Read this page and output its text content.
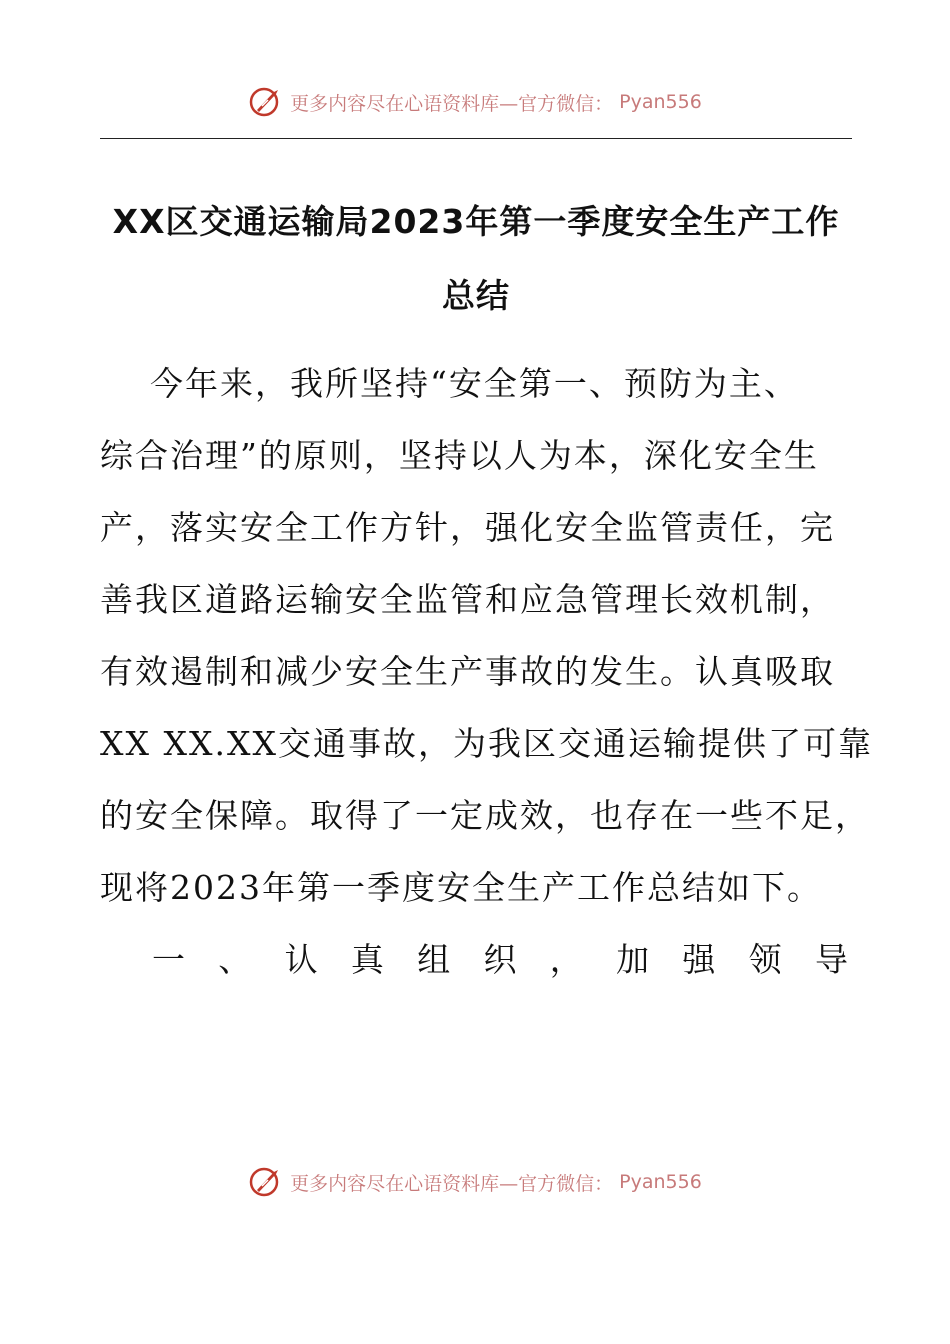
更多内容尽在心语资料库—官方微信： Pyan556
XX区交通运输局2023年第一季度安全生产工作
总结
今年来，我所坚持“安全第一、预防为主、
综合治理”的原则，坚持以人为本，深化安全生
产，落实安全工作方针，强化安全监管责任，完
善我区道路运输安全监管和应急管理长效机制，
有效遏制和减少安全生产事故的发生。认真吸取
XX XX.XX交通事故，为我区交通运输提供了可靠
的安全保障。取得了一定成效，也存在一些不足，
现将2023年第一季度安全生产工作总结如下。
一 、 认 真 组 织 ， 加 强 领 导
更多内容尽在心语资料库—官方微信： Pyan556
